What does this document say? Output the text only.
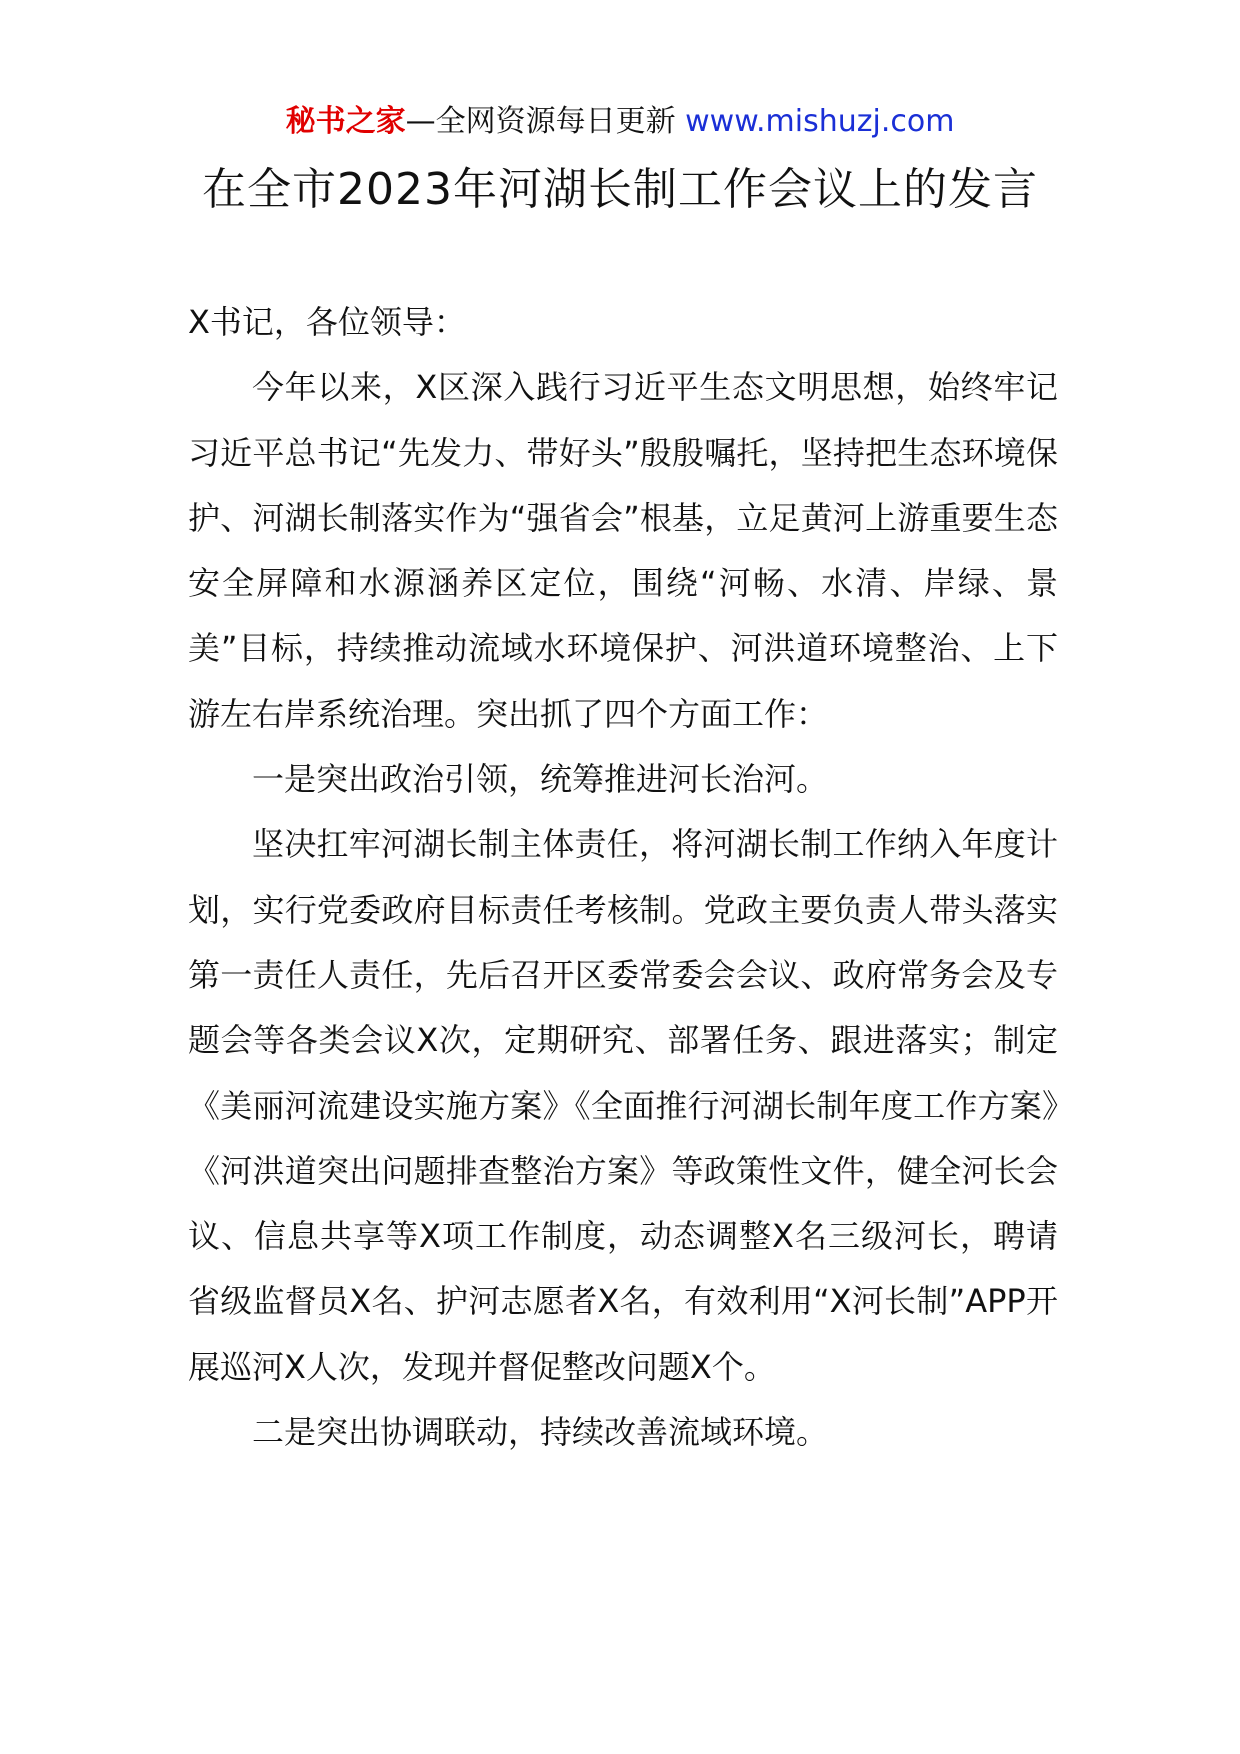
秘书之家—全网资源每日更新 www.mishuzj.com
在全市2023年河湖长制工作会议上的发言

X书记，各位领导：

今年以来，X区深入践行习近平生态文明思想，始终牢记习近平总书记“先发力、带好头”殷殷嘱托，坚持把生态环境保护、河湖长制落实作为“强省会”根基，立足黄河上游重要生态安全屏障和水源涵养区定位，围绕“河畅、水清、岸绿、景美”目标，持续推动流域水环境保护、河洪道环境整治、上下游左右岸系统治理。突出抓了四个方面工作：

一是突出政治引领，统筹推进河长治河。

坚决扛牢河湖长制主体责任，将河湖长制工作纳入年度计划，实行党委政府目标责任考核制。党政主要负责人带头落实第一责任人责任，先后召开区委常委会会议、政府常务会及专题会等各类会议X次，定期研究、部署任务、跟进落实；制定《美丽河流建设实施方案》《全面推行河湖长制年度工作方案》《河洪道突出问题排查整治方案》等政策性文件，健全河长会议、信息共享等X项工作制度，动态调整X名三级河长，聘请省级监督员X名、护河志愿者X名，有效利用“X河长制”APP开展巡河X人次，发现并督促整改问题X个。

二是突出协调联动，持续改善流域环境。
